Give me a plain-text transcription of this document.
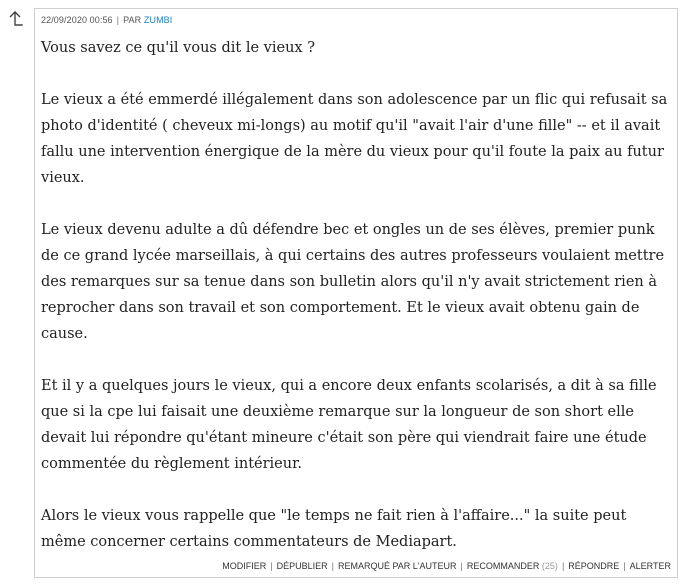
22/09/2020 00:56 | PAR ZUMBI

Vous savez ce qu'il vous dit le vieux ?

Le vieux a été emmerdé illégalement dans son adolescence par un flic qui refusait sa photo d'identité ( cheveux mi-longs) au motif qu'il "avait l'air d'une fille" -- et il avait fallu une intervention énergique de la mère du vieux pour qu'il foute la paix au futur vieux.

Le vieux devenu adulte a dû défendre bec et ongles un de ses élèves, premier punk de ce grand lycée marseillais, à qui certains des autres professeurs voulaient mettre des remarques sur sa tenue dans son bulletin alors qu'il n'y avait strictement rien à reprocher dans son travail et son comportement. Et le vieux avait obtenu gain de cause.

Et il y a quelques jours le vieux, qui a encore deux enfants scolarisés, a dit à sa fille que si la cpe lui faisait une deuxième remarque sur la longueur de son short elle devait lui répondre qu'étant mineure c'était son père qui viendrait faire une étude commentée du règlement intérieur.

Alors le vieux vous rappelle que "le temps ne fait rien à l'affaire..." la suite peut même concerner certains commentateurs de Mediapart.

MODIFIER | DÉPUBLIER | REMARQUÉ PAR L'AUTEUR | RECOMMANDER (25) | RÉPONDRE | ALERTER
